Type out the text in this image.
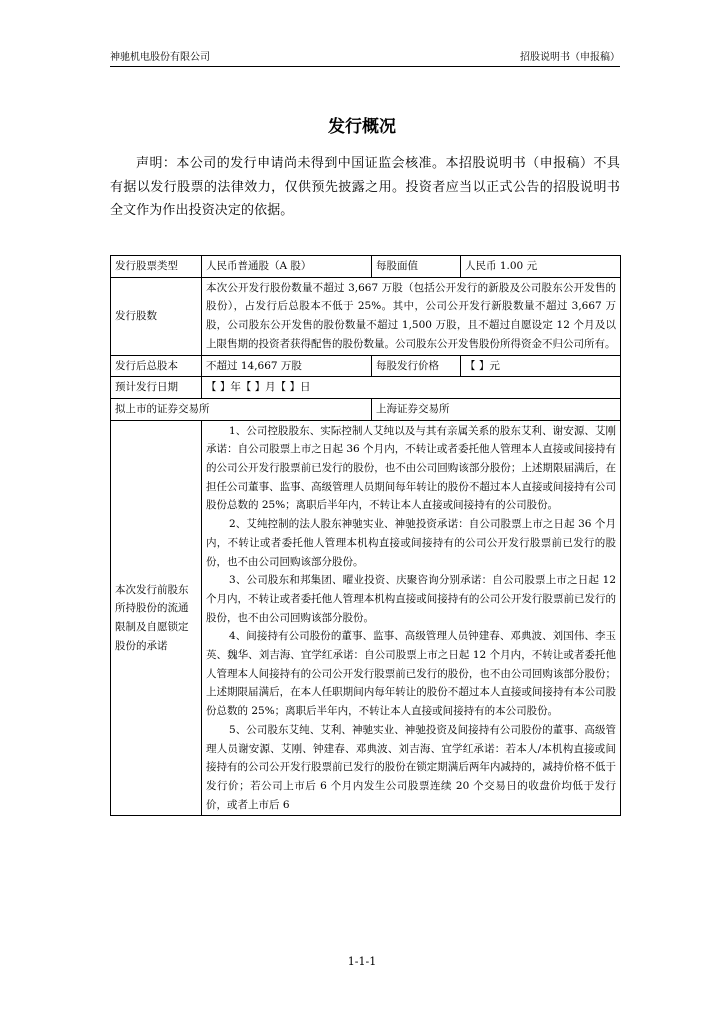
神驰机电股份有限公司	招股说明书（申报稿）
发行概况
声明：本公司的发行申请尚未得到中国证监会核准。本招股说明书（申报稿）不具有据以发行股票的法律效力，仅供预先披露之用。投资者应当以正式公告的招股说明书全文作为作出投资决定的依据。
发行股票类型	人民币普通股（A 股）	每股面值	人民币 1.00 元
发行股数	本次公开发行股份数量不超过 3,667 万股（包括公开发行的新股及公司股东公开发售的股份），占发行后总股本不低于 25%。其中，公司公开发行新股数量不超过 3,667 万股，公司股东公开发售的股份数量不超过 1,500 万股，且不超过自愿设定 12 个月及以上限售期的投资者获得配售的股份数量。公司股东公开发售股份所得资金不归公司所有。		

发行后总股本	不超过 14,667 万股	每股发行价格	【 】元
预计发行日期	【 】年【 】月【 】日		
拟上市的证券交易所		上海证券交易所	
本次发行前股东所持股份的流通限制及自愿锁定股份的承诺	1、公司控股股东、实际控制人艾纯以及与其有亲属关系的股东艾利、谢安源、艾刚承诺：自公司股票上市之日起 36 个月内，不转让或者委托他人管理本人直接或间接持有的公司公开发行股票前已发行的股份，也不由公司回购该部分股份；上述期限届满后，在担任公司董事、监事、高级管理人员期间每年转让的股份不超过本人直接或间接持有公司股份总数的 25%；离职后半年内，不转让本人直接或间接持有的公司股份。

2、艾纯控制的法人股东神驰实业、神驰投资承诺：自公司股票上市之日起 36 个月内，不转让或者委托他人管理本机构直接或间接持有的公司公开发行股票前已发行的股份，也不由公司回购该部分股份。

3、公司股东和邦集团、曜业投资、庆聚咨询分别承诺：自公司股票上市之日起 12 个月内，不转让或者委托他人管理本机构直接或间接持有的公司公开发行股票前已发行的股份，也不由公司回购该部分股份。

4、间接持有公司股份的董事、监事、高级管理人员钟建春、邓典波、刘国伟、李玉英、魏华、刘吉海、宜学红承诺：自公司股票上市之日起 12 个月内，不转让或者委托他人管理本人间接持有的公司公开发行股票前已发行的股份，也不由公司回购该部分股份；上述期限届满后，在本人任职期间内每年转让的股份不超过本人直接或间接持有本公司股份总数的 25%；离职后半年内，不转让本人直接或间接持有的本公司股份。

5、公司股东艾纯、艾利、神驰实业、神驰投资及间接持有公司股份的董事、高级管理人员谢安源、艾刚、钟建春、邓典波、刘吉海、宜学红承诺：若本人/本机构直接或间接持有的公司公开发行股票前已发行的股份在锁定期满后两年内减持的，减持价格不低于发行价；若公司上市后 6 个月内发生公司股票连续 20 个交易日的收盘价均低于发行价，或者上市后 6		

1-1-1
